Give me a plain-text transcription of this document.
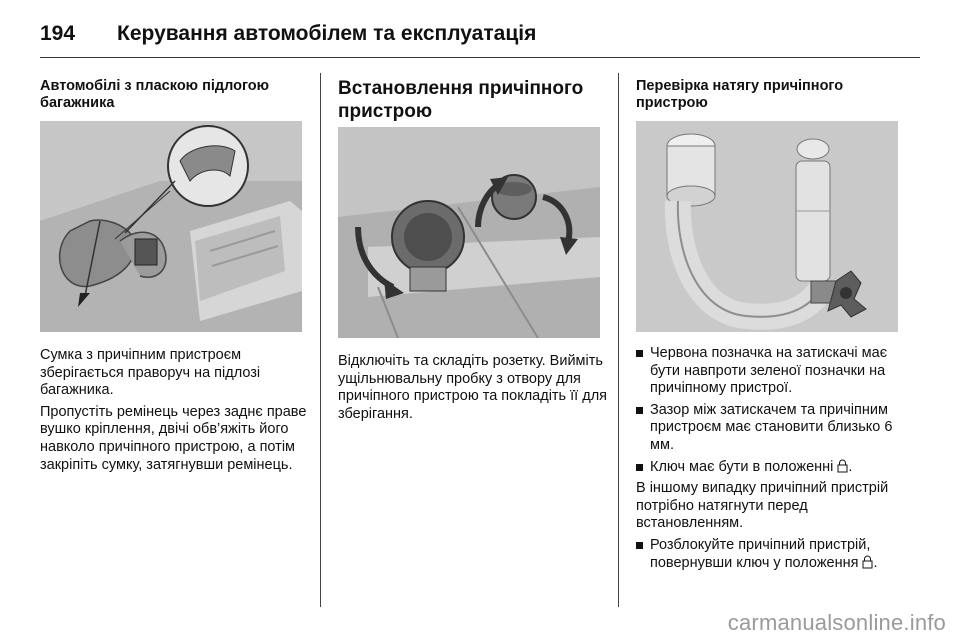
194 Керування автомобілем та експлуатація
Автомобілі з пласкою підлогою багажника

Сумка з причіпним пристроєм зберігається праворуч на підлозі багажника.

Пропустіть ремінець через заднє праве вушко кріплення, двічі обв’яжіть його навколо причіпного пристрою, а потім закріпіть сумку, затягнувши ремінець.

Встановлення причіпного пристрою

Відключіть та складіть розетку. Вийміть ущільнювальну пробку з отвору для причіпного пристрою та покладіть її для зберігання.

Перевірка натягу причіпного пристрою
Червона позначка на затискачі має бути навпроти зеленої позначки на причіпному пристрої.
Зазор між затискачем та причіпним пристроєм має становити близько 6 мм.
Ключ має бути в положенні .

В іншому випадку причіпний пристрій потрібно натягнути перед встановленням.

Розблокуйте причіпний пристрій, повернувши ключ у положення .
carmanualsonline.info
